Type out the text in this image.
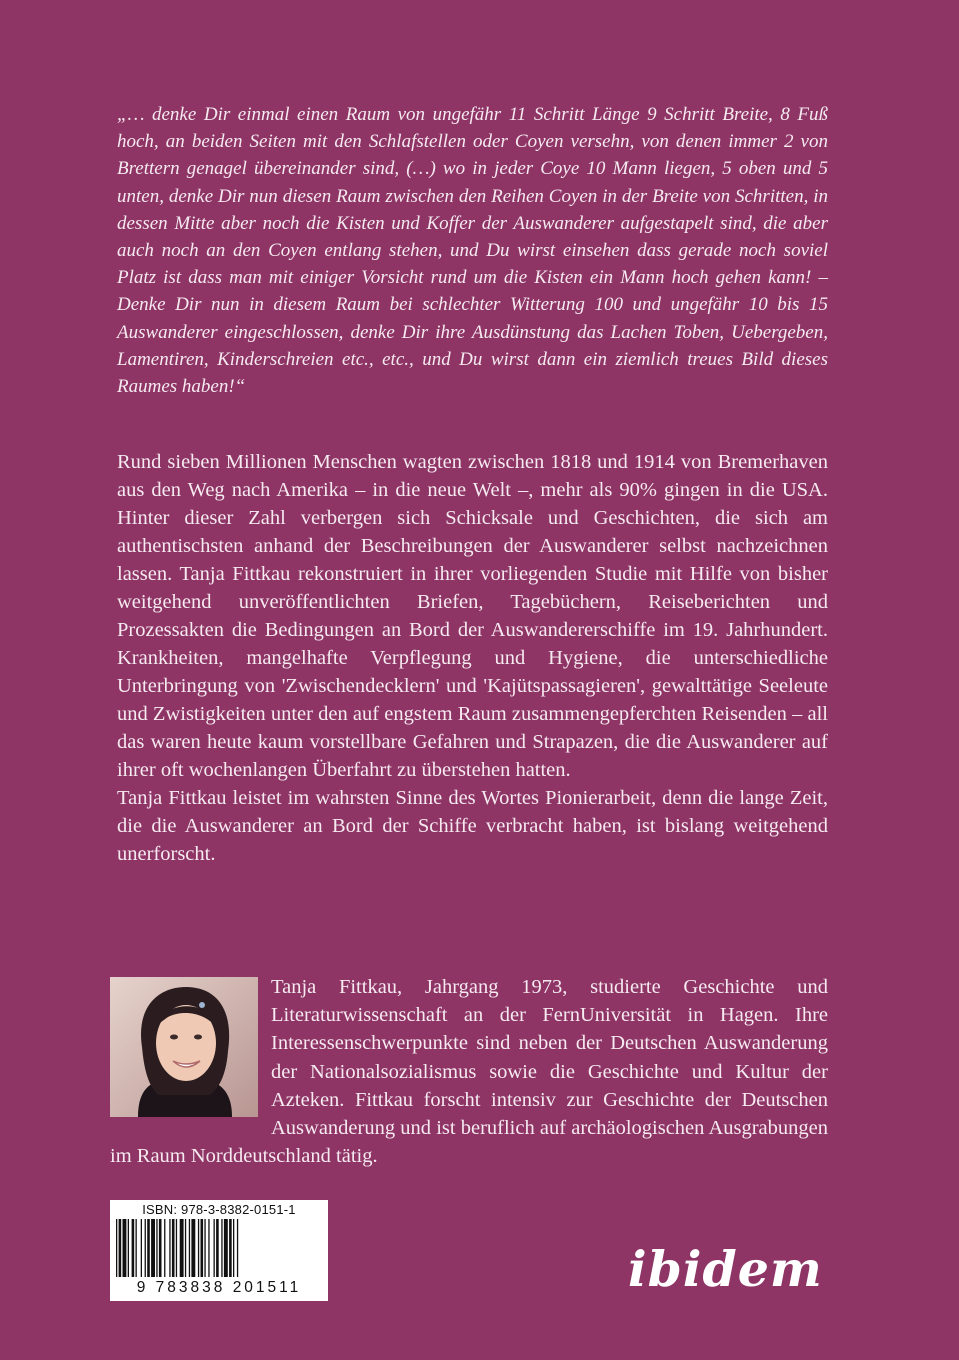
„… denke Dir einmal einen Raum von ungefähr 11 Schritt Länge 9 Schritt Breite, 8 Fuß hoch, an beiden Seiten mit den Schlafstellen oder Coyen versehn, von denen immer 2 von Brettern genagel übereinander sind, (…) wo in jeder Coye 10 Mann liegen, 5 oben und 5 unten, denke Dir nun diesen Raum zwischen den Reihen Coyen in der Breite von Schritten, in dessen Mitte aber noch die Kisten und Koffer der Auswanderer aufgestapelt sind, die aber auch noch an den Coyen entlang stehen, und Du wirst einsehen dass gerade noch soviel Platz ist dass man mit einiger Vorsicht rund um die Kisten ein Mann hoch gehen kann! – Denke Dir nun in diesem Raum bei schlechter Witterung 100 und ungefähr 10 bis 15 Auswanderer eingeschlossen, denke Dir ihre Ausdünstung das Lachen Toben, Uebergeben, Lamentiren, Kinderschreien etc., etc., und Du wirst dann ein ziemlich treues Bild dieses Raumes haben!“

Rund sieben Millionen Menschen wagten zwischen 1818 und 1914 von Bremerhaven aus den Weg nach Amerika – in die neue Welt –, mehr als 90% gingen in die USA. Hinter dieser Zahl verbergen sich Schicksale und Geschichten, die sich am authentischsten anhand der Beschreibungen der Auswanderer selbst nachzeichnen lassen. Tanja Fittkau rekonstruiert in ihrer vorliegenden Studie mit Hilfe von bisher weitgehend unveröffentlichten Briefen, Tagebüchern, Reiseberichten und Prozessakten die Bedingungen an Bord der Auswandererschiffe im 19. Jahrhundert. Krankheiten, mangelhafte Verpflegung und Hygiene, die unterschiedliche Unterbringung von 'Zwischendecklern' und 'Kajütspassagieren', gewalttätige Seeleute und Zwistigkeiten unter den auf engstem Raum zusammengepferchten Reisenden – all das waren heute kaum vorstellbare Gefahren und Strapazen, die die Auswanderer auf ihrer oft wochenlangen Überfahrt zu überstehen hatten.

Tanja Fittkau leistet im wahrsten Sinne des Wortes Pionierarbeit, denn die lange Zeit, die die Auswanderer an Bord der Schiffe verbracht haben, ist bislang weitgehend unerforscht.

Tanja Fittkau, Jahrgang 1973, studierte Geschichte und Literaturwissenschaft an der FernUniversität in Hagen. Ihre Interessenschwerpunkte sind neben der Deutschen Auswanderung der Nationalsozialismus sowie die Geschichte und Kultur der Azteken. Fittkau forscht intensiv zur Geschichte der Deutschen Auswanderung und ist beruflich auf archäologischen Ausgrabungen im Raum Norddeutschland tätig.

ISBN: 978-3-8382-0151-1
9 783838 201511	ibidem
